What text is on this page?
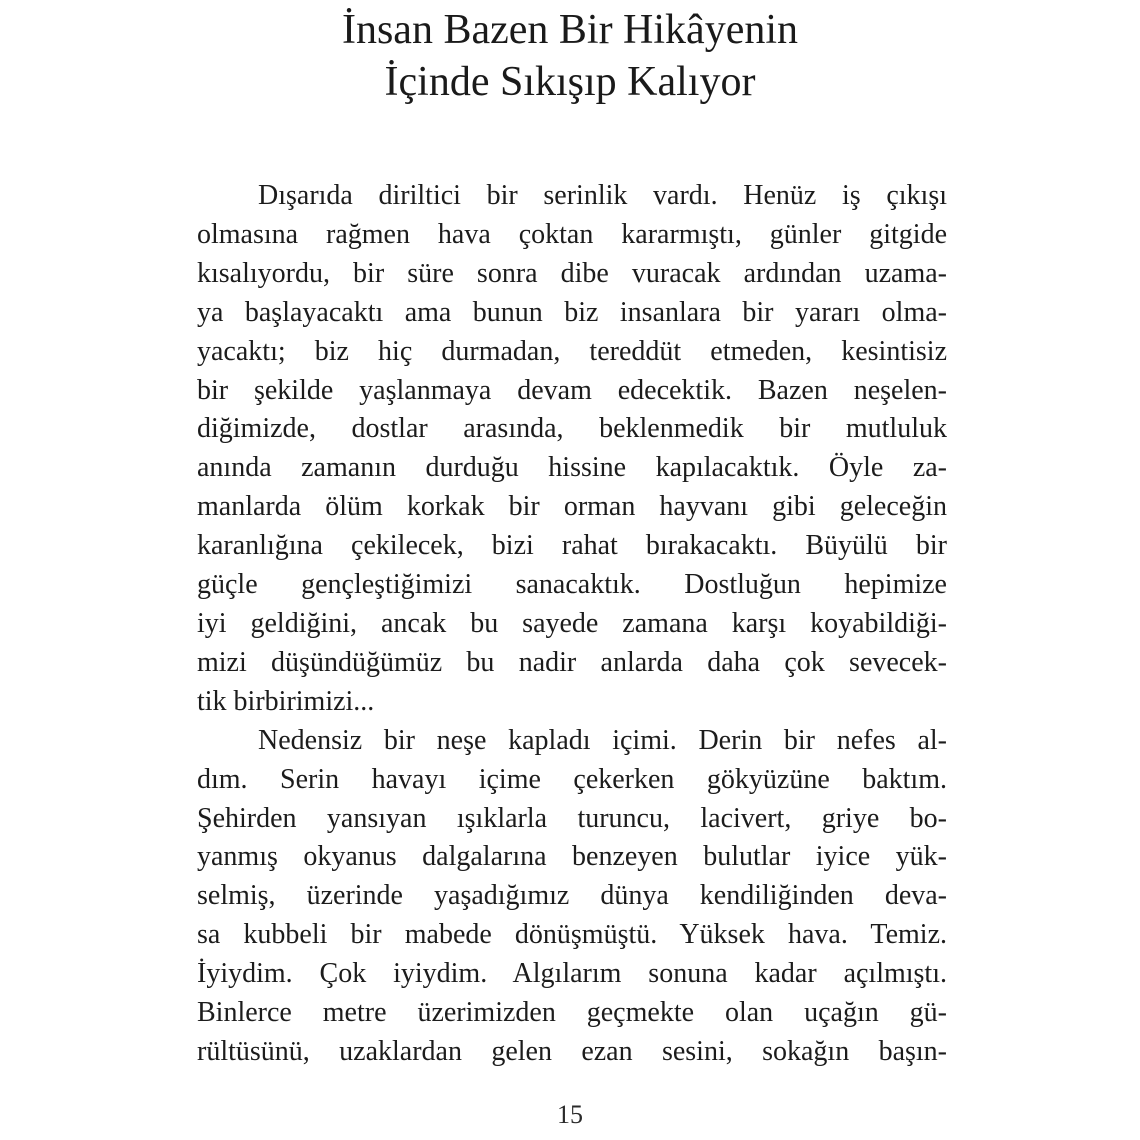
İnsan Bazen Bir Hikâyenin
İçinde Sıkışıp Kalıyor
Dışarıda diriltici bir serinlik vardı. Henüz iş çıkışı
olmasına rağmen hava çoktan kararmıştı, günler gitgide
kısalıyordu, bir süre sonra dibe vuracak ardından uzama-
ya başlayacaktı ama bunun biz insanlara bir yararı olma-
yacaktı; biz hiç durmadan, tereddüt etmeden, kesintisiz
bir şekilde yaşlanmaya devam edecektik. Bazen neşelen-
diğimizde, dostlar arasında, beklenmedik bir mutluluk
anında zamanın durduğu hissine kapılacaktık. Öyle za-
manlarda ölüm korkak bir orman hayvanı gibi geleceğin
karanlığına çekilecek, bizi rahat bırakacaktı. Büyülü bir
güçle gençleştiğimizi sanacaktık. Dostluğun hepimize
iyi geldiğini, ancak bu sayede zamana karşı koyabildiği-
mizi düşündüğümüz bu nadir anlarda daha çok sevecek-
tik birbirimizi...
Nedensiz bir neşe kapladı içimi. Derin bir nefes al-
dım. Serin havayı içime çekerken gökyüzüne baktım.
Şehirden yansıyan ışıklarla turuncu, lacivert, griye bo-
yanmış okyanus dalgalarına benzeyen bulutlar iyice yük-
selmiş, üzerinde yaşadığımız dünya kendiliğinden deva-
sa kubbeli bir mabede dönüşmüştü. Yüksek hava. Temiz.
İyiydim. Çok iyiydim. Algılarım sonuna kadar açılmıştı.
Binlerce metre üzerimizden geçmekte olan uçağın gü-
rültüsünü, uzaklardan gelen ezan sesini, sokağın başın-
15
